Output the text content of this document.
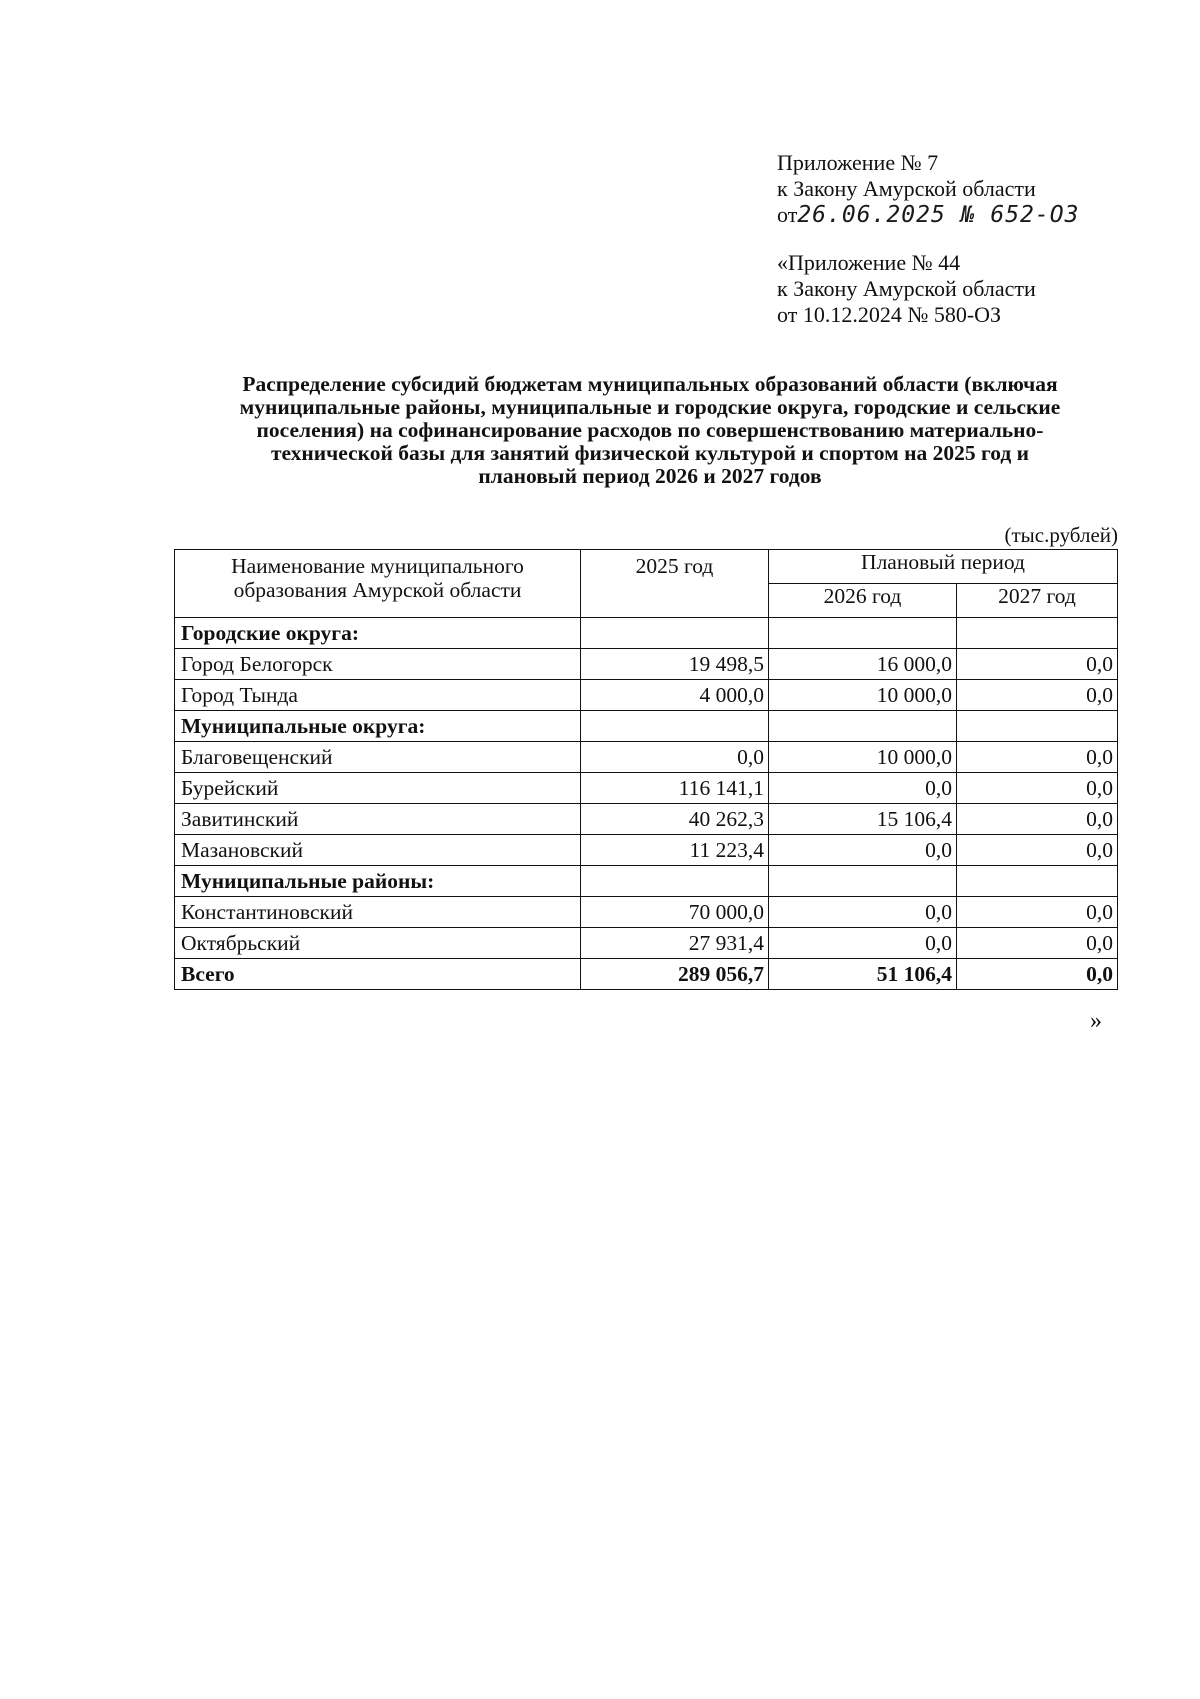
Приложение № 7
к Закону Амурской области
от26.06.2025 № 652-ОЗ
«Приложение № 44
к Закону Амурской области
от 10.12.2024 № 580-ОЗ
Распределение субсидий бюджетам муниципальных образований области (включая
муниципальные районы, муниципальные и городские округа, городские и сельские
поселения) на софинансирование расходов по совершенствованию материально-
технической базы для занятий физической культурой и спортом на 2025 год и
плановый период 2026 и 2027 годов
(тыс.рублей)
Наименование муниципального
образования Амурской области	2025 год	Плановый период	
		2026 год	2027 год
Городские округа:			
Город Белогорск	19 498,5	16 000,0	0,0
Город Тында	4 000,0	10 000,0	0,0
Муниципальные округа:			
Благовещенский	0,0	10 000,0	0,0
Бурейский	116 141,1	0,0	0,0
Завитинский	40 262,3	15 106,4	0,0
Мазановский	11 223,4	0,0	0,0
Муниципальные районы:			
Константиновский	70 000,0	0,0	0,0
Октябрьский	27 931,4	0,0	0,0
Всего	289 056,7	51 106,4	0,0
»
